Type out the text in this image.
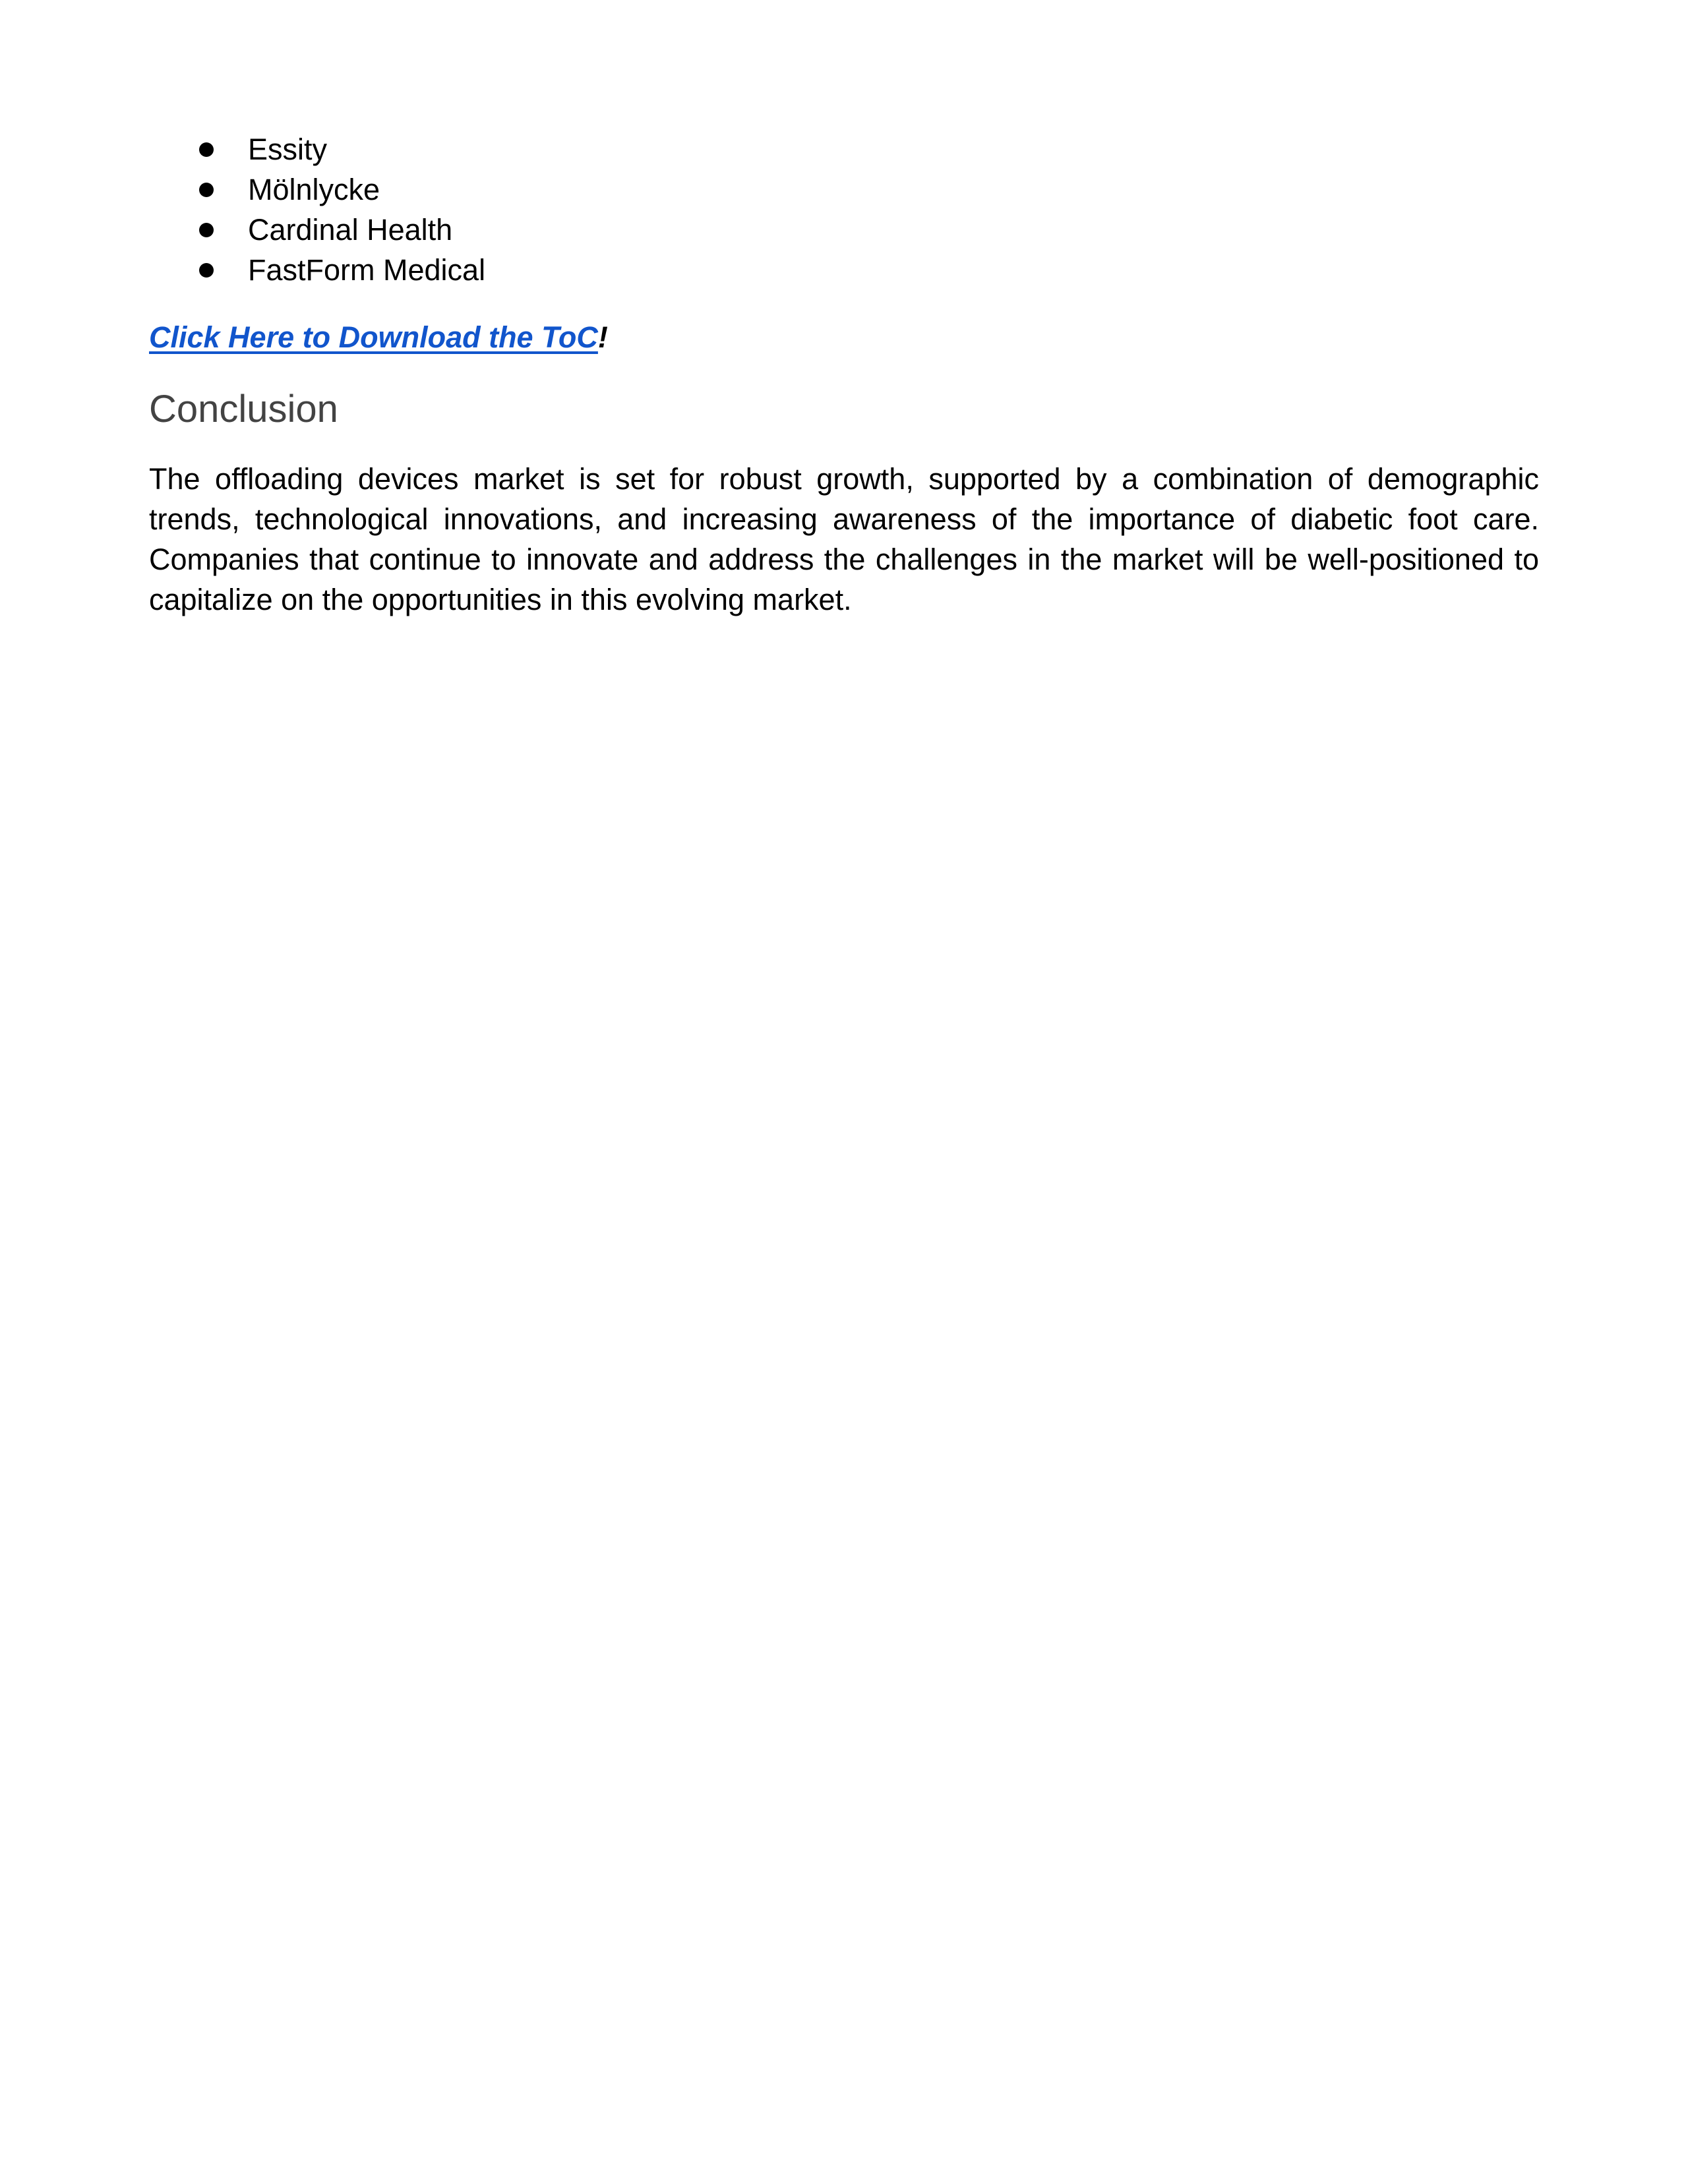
Essity
Mölnlycke
Cardinal Health
FastForm Medical
Click Here to Download the ToC!
Conclusion

The offloading devices market is set for robust growth, supported by a combination of demographic trends, technological innovations, and increasing awareness of the importance of diabetic foot care. Companies that continue to innovate and address the challenges in the market will be well-positioned to capitalize on the opportunities in this evolving market.
